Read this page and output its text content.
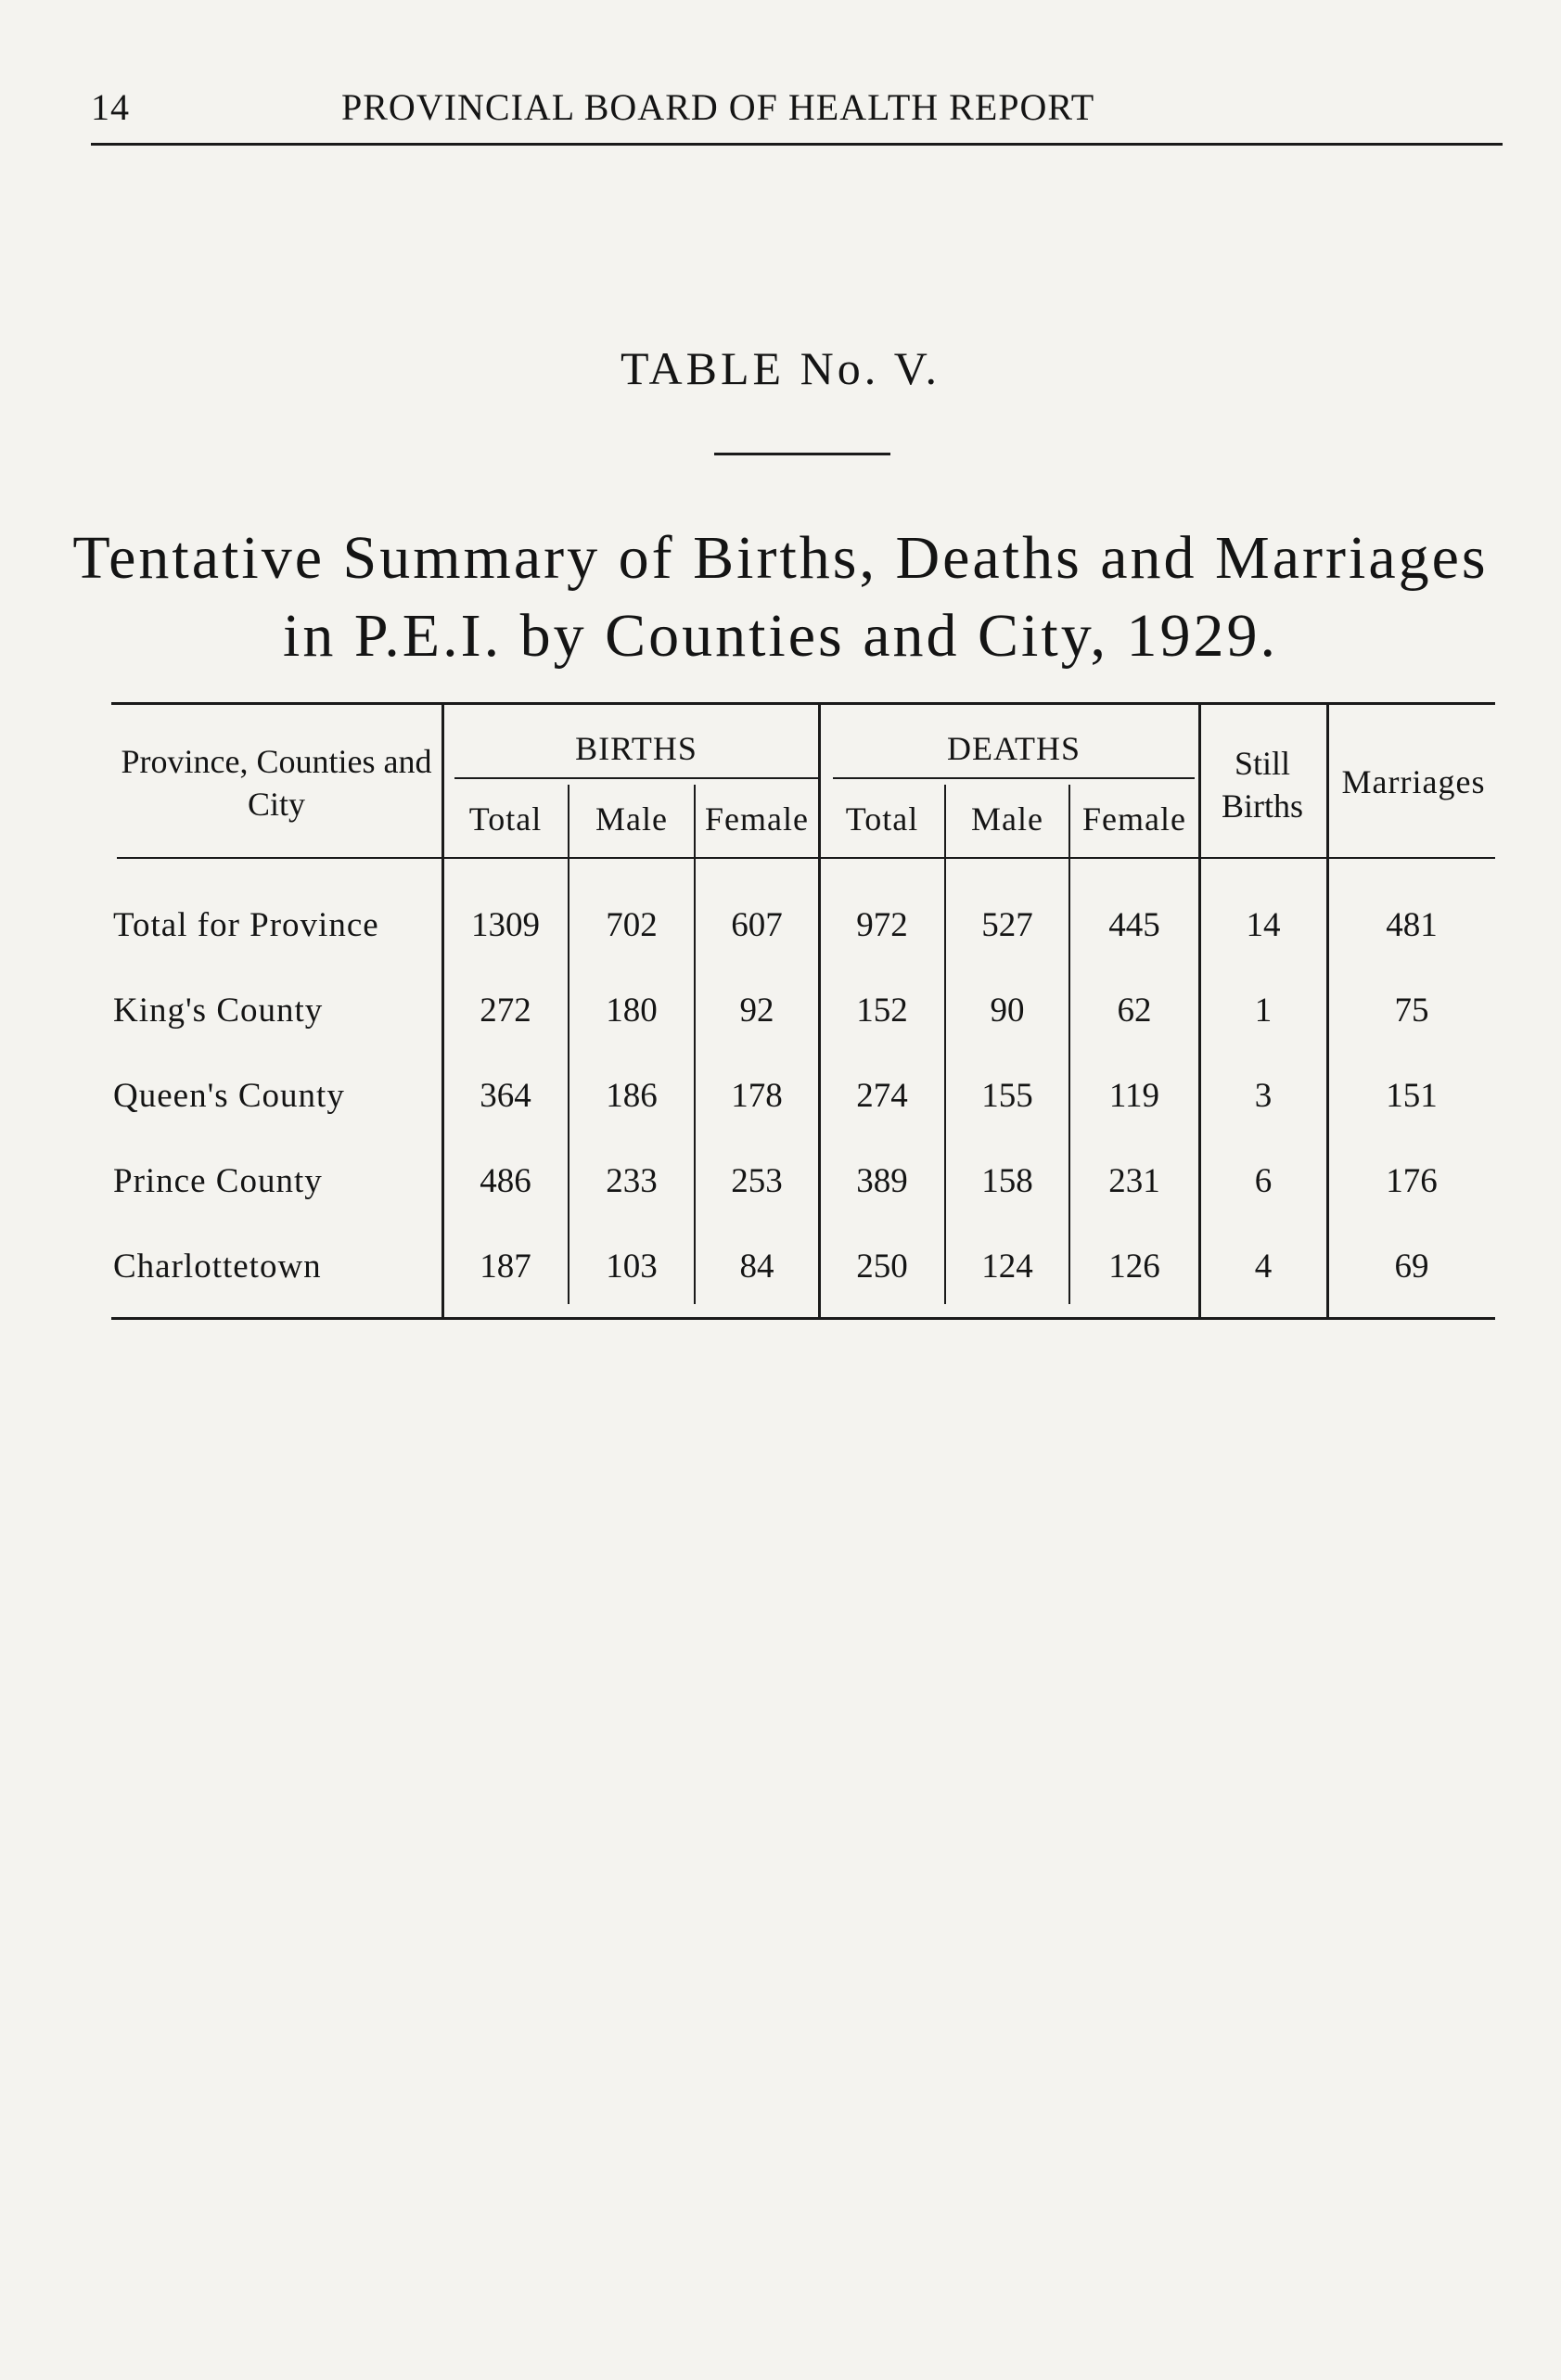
14	PROVINCIAL BOARD OF HEALTH REPORT
TABLE No. V.
Tentative Summary of Births, Deaths and Marriages
in P.E.I. by Counties and City, 1929.
Province, Counties and City
BIRTHS	DEATHS
Total	Male	Female	Total	Male	Female
Still Births
Marriages
Total for Province	1309	702	607	972	527	445	14	481
King's County	272	180	92	152	90	62	1	75
Queen's County	364	186	178	274	155	119	3	151
Prince County	486	233	253	389	158	231	6	176
Charlottetown	187	103	84	250	124	126	4	69
